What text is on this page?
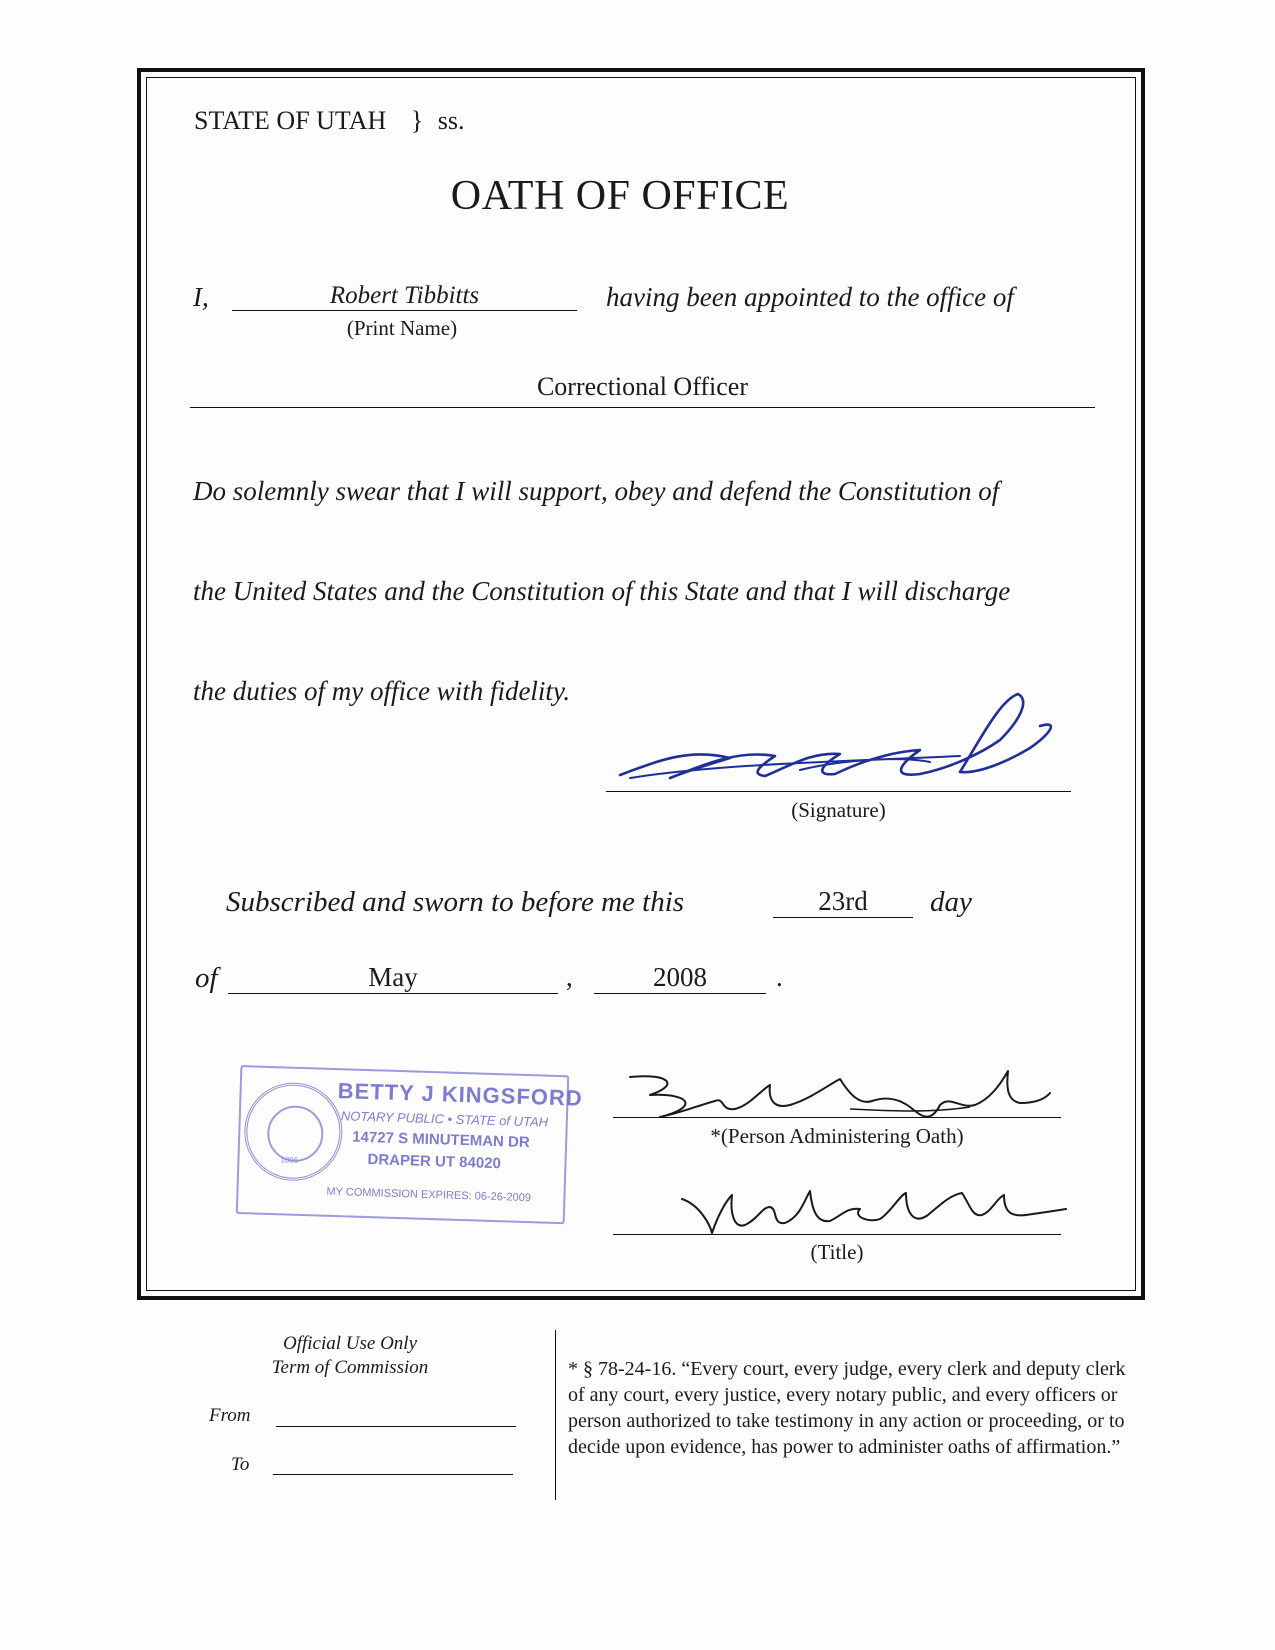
STATE OF UTAH } ss.
OATH OF OFFICE
I,	Robert Tibbitts
(Print Name)
having been appointed to the office of
Correctional Officer
Do solemnly swear that I will support, obey and defend the Constitution of
the United States and the Constitution of this State and that I will discharge
the duties of my office with fidelity.
(Signature)
Subscribed and sworn to before me this	23rd	day
of	May	,	2008	.
1896
BETTY J KINGSFORD
NOTARY PUBLIC • STATE of UTAH
14727 S MINUTEMAN DR
DRAPER UT 84020
MY COMMISSION EXPIRES: 06-26-2009
*(Person Administering Oath)
(Title)
Official Use Only
Term of Commission
From
To
* § 78-24-16. “Every court, every judge, every clerk and deputy clerk of any court, every justice, every notary public, and every officers or person authorized to take testimony in any action or proceeding, or to decide upon evidence, has power to administer oaths of affirmation.”
